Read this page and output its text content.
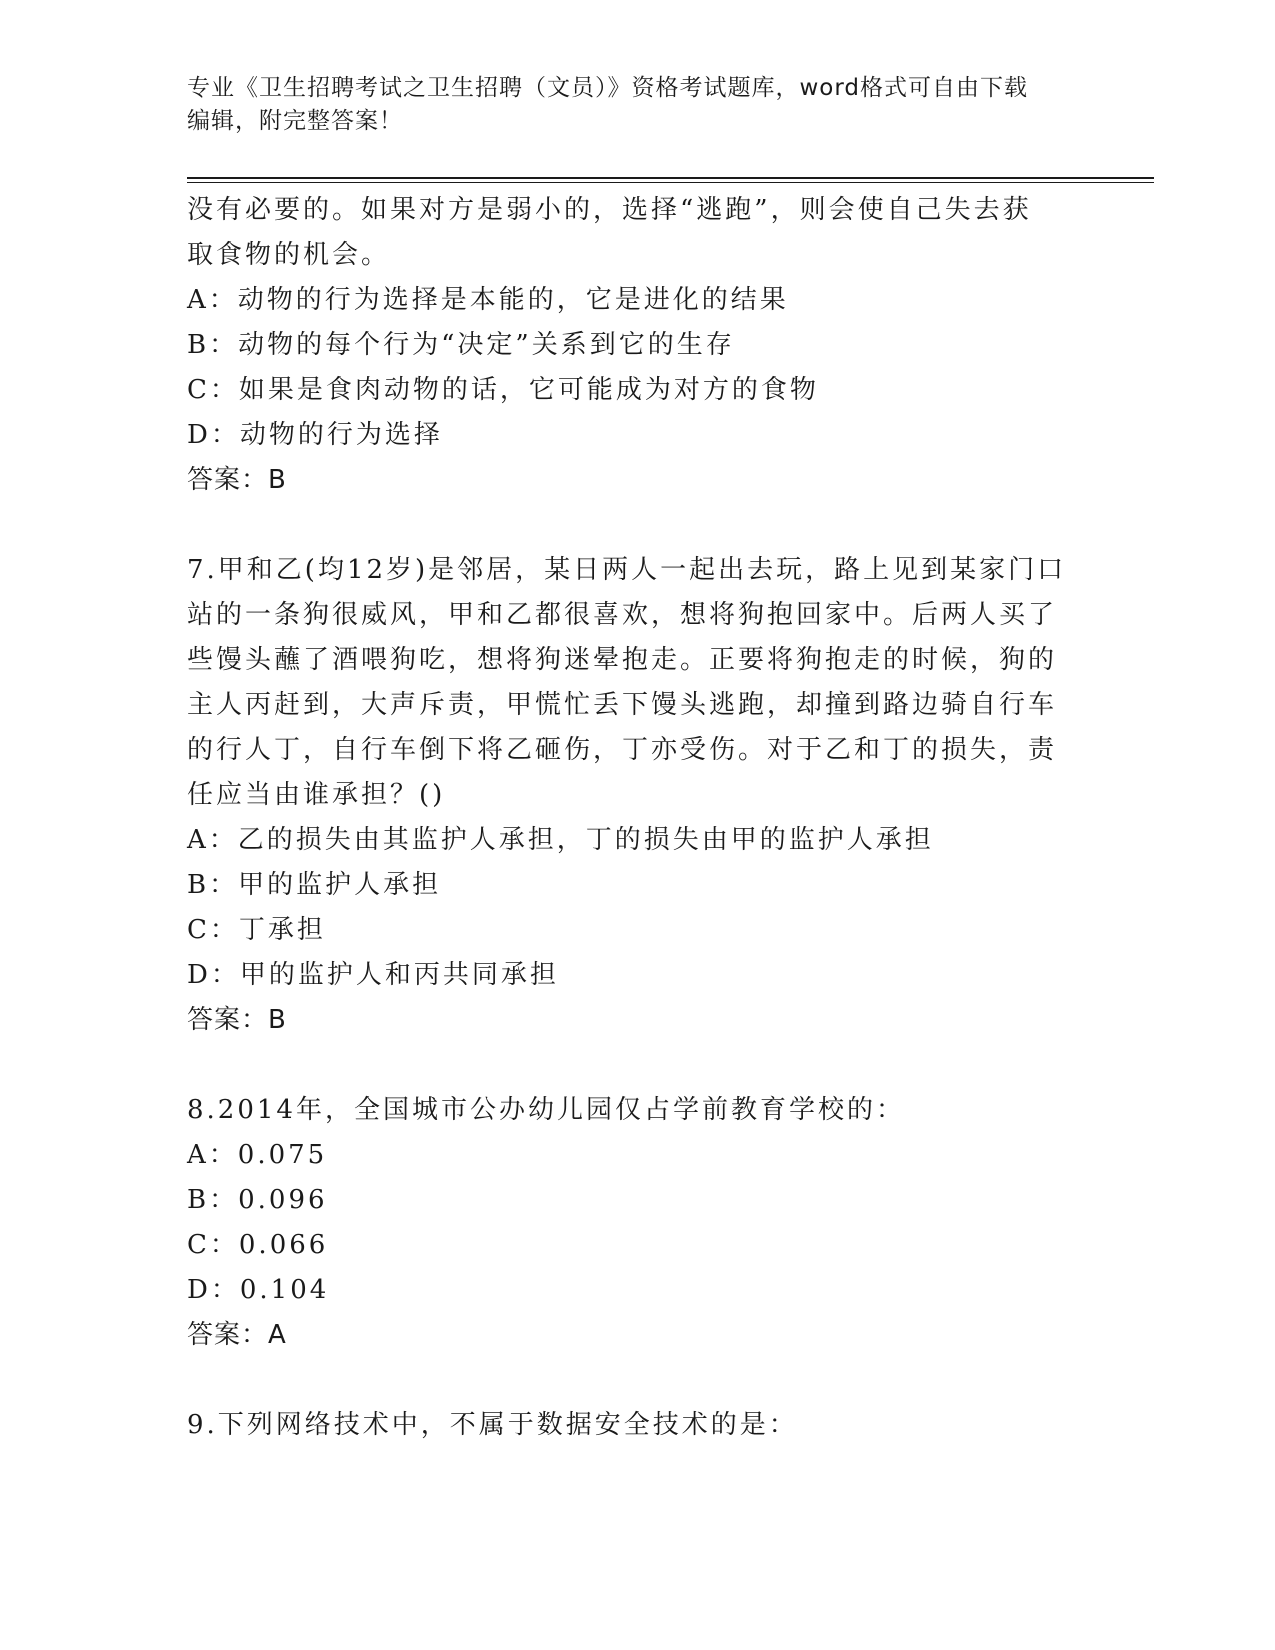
专业《卫生招聘考试之卫生招聘（文员）》资格考试题库，word格式可自由下载
编辑，附完整答案！

没有必要的。如果对方是弱小的，选择“逃跑”，则会使自己失去获

取食物的机会。

A：动物的行为选择是本能的，它是进化的结果

B：动物的每个行为“决定”关系到它的生存

C：如果是食肉动物的话，它可能成为对方的食物

D：动物的行为选择

答案：B

7.甲和乙(均12岁)是邻居，某日两人一起出去玩，路上见到某家门口

站的一条狗很威风，甲和乙都很喜欢，想将狗抱回家中。后两人买了

些馒头蘸了酒喂狗吃，想将狗迷晕抱走。正要将狗抱走的时候，狗的

主人丙赶到，大声斥责，甲慌忙丢下馒头逃跑，却撞到路边骑自行车

的行人丁，自行车倒下将乙砸伤，丁亦受伤。对于乙和丁的损失，责

任应当由谁承担？()

A：乙的损失由其监护人承担，丁的损失由甲的监护人承担

B：甲的监护人承担

C：丁承担

D：甲的监护人和丙共同承担

答案：B

8.2014年，全国城市公办幼儿园仅占学前教育学校的：

A：0.075

B：0.096

C：0.066

D：0.104

答案：A

9.下列网络技术中，不属于数据安全技术的是：
